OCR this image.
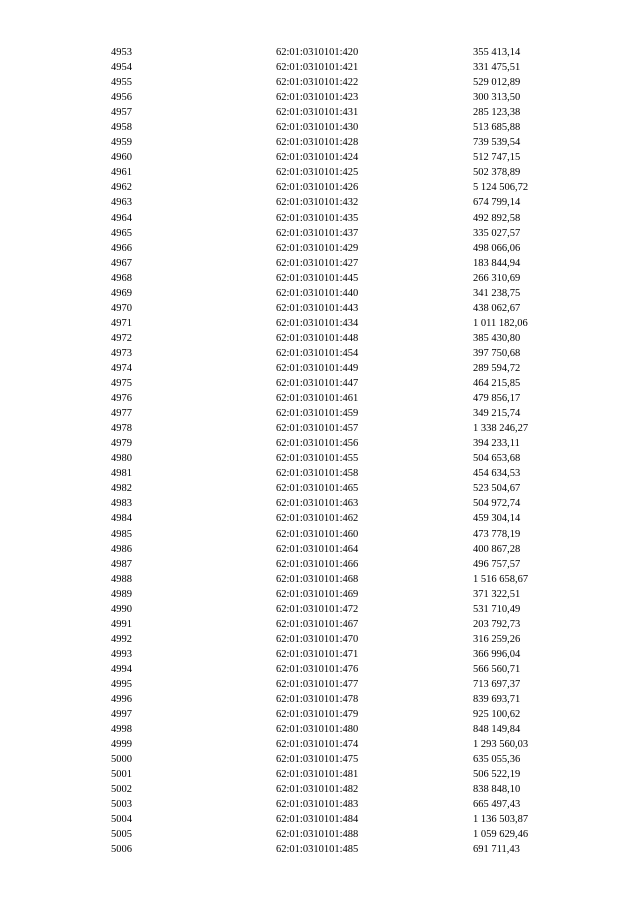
4953	62:01:0310101:420	355 413,14
4954	62:01:0310101:421	331 475,51
4955	62:01:0310101:422	529 012,89
4956	62:01:0310101:423	300 313,50
4957	62:01:0310101:431	285 123,38
4958	62:01:0310101:430	513 685,88
4959	62:01:0310101:428	739 539,54
4960	62:01:0310101:424	512 747,15
4961	62:01:0310101:425	502 378,89
4962	62:01:0310101:426	5 124 506,72
4963	62:01:0310101:432	674 799,14
4964	62:01:0310101:435	492 892,58
4965	62:01:0310101:437	335 027,57
4966	62:01:0310101:429	498 066,06
4967	62:01:0310101:427	183 844,94
4968	62:01:0310101:445	266 310,69
4969	62:01:0310101:440	341 238,75
4970	62:01:0310101:443	438 062,67
4971	62:01:0310101:434	1 011 182,06
4972	62:01:0310101:448	385 430,80
4973	62:01:0310101:454	397 750,68
4974	62:01:0310101:449	289 594,72
4975	62:01:0310101:447	464 215,85
4976	62:01:0310101:461	479 856,17
4977	62:01:0310101:459	349 215,74
4978	62:01:0310101:457	1 338 246,27
4979	62:01:0310101:456	394 233,11
4980	62:01:0310101:455	504 653,68
4981	62:01:0310101:458	454 634,53
4982	62:01:0310101:465	523 504,67
4983	62:01:0310101:463	504 972,74
4984	62:01:0310101:462	459 304,14
4985	62:01:0310101:460	473 778,19
4986	62:01:0310101:464	400 867,28
4987	62:01:0310101:466	496 757,57
4988	62:01:0310101:468	1 516 658,67
4989	62:01:0310101:469	371 322,51
4990	62:01:0310101:472	531 710,49
4991	62:01:0310101:467	203 792,73
4992	62:01:0310101:470	316 259,26
4993	62:01:0310101:471	366 996,04
4994	62:01:0310101:476	566 560,71
4995	62:01:0310101:477	713 697,37
4996	62:01:0310101:478	839 693,71
4997	62:01:0310101:479	925 100,62
4998	62:01:0310101:480	848 149,84
4999	62:01:0310101:474	1 293 560,03
5000	62:01:0310101:475	635 055,36
5001	62:01:0310101:481	506 522,19
5002	62:01:0310101:482	838 848,10
5003	62:01:0310101:483	665 497,43
5004	62:01:0310101:484	1 136 503,87
5005	62:01:0310101:488	1 059 629,46
5006	62:01:0310101:485	691 711,43
